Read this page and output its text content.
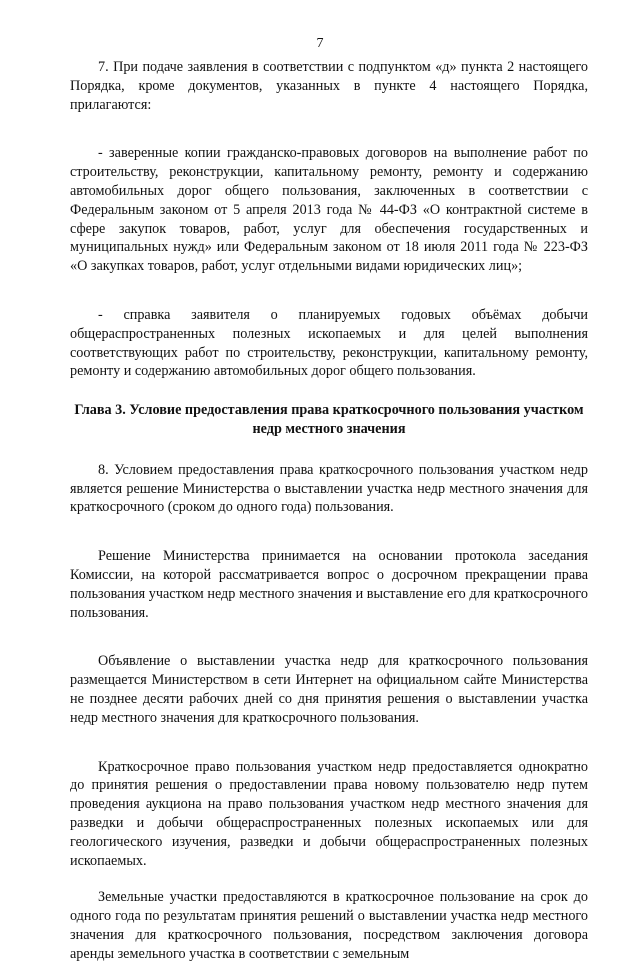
7

7. При подаче заявления в соответствии с подпунктом «д» пункта 2 настоящего Порядка, кроме документов, указанных в пункте 4 настоящего Порядка, прилагаются:

- заверенные копии гражданско-правовых договоров на выполнение работ по строительству, реконструкции, капитальному ремонту, ремонту и содержанию автомобильных дорог общего пользования, заключенных в соответствии с Федеральным законом от 5 апреля 2013 года № 44-ФЗ «О контрактной системе в сфере закупок товаров, работ, услуг для обеспечения государственных и муниципальных нужд» или Федеральным законом от 18 июля 2011 года № 223-ФЗ «О закупках товаров, работ, услуг отдельными видами юридических лиц»;

- справка заявителя о планируемых годовых объёмах добычи общераспространенных полезных ископаемых и для целей выполнения соответствующих работ по строительству, реконструкции, капитальному ремонту, ремонту и содержанию автомобильных дорог общего пользования.

Глава 3. Условие предоставления права краткосрочного пользования участком недр местного значения

8. Условием предоставления права краткосрочного пользования участком недр является решение Министерства о выставлении участка недр местного значения для краткосрочного (сроком до одного года) пользования.

Решение Министерства принимается на основании протокола заседания Комиссии, на которой рассматривается вопрос о досрочном прекращении права пользования участком недр местного значения и выставление его для краткосрочного пользования.

Объявление о выставлении участка недр для краткосрочного пользования размещается Министерством в сети Интернет на официальном сайте Министерства не позднее десяти рабочих дней со дня принятия решения о выставлении участка недр местного значения для краткосрочного пользования.

Краткосрочное право пользования участком недр предоставляется однократно до принятия решения о предоставлении права новому пользователю недр путем проведения аукциона на право пользования участком недр местного значения для разведки и добычи общераспространенных полезных ископаемых или для геологического изучения, разведки и добычи общераспространенных полезных ископаемых.

Земельные участки предоставляются в краткосрочное пользование на срок до одного года по результатам принятия решений о выставлении участка недр местного значения для краткосрочного пользования, посредством заключения договора аренды земельного участка в соответствии с земельным
